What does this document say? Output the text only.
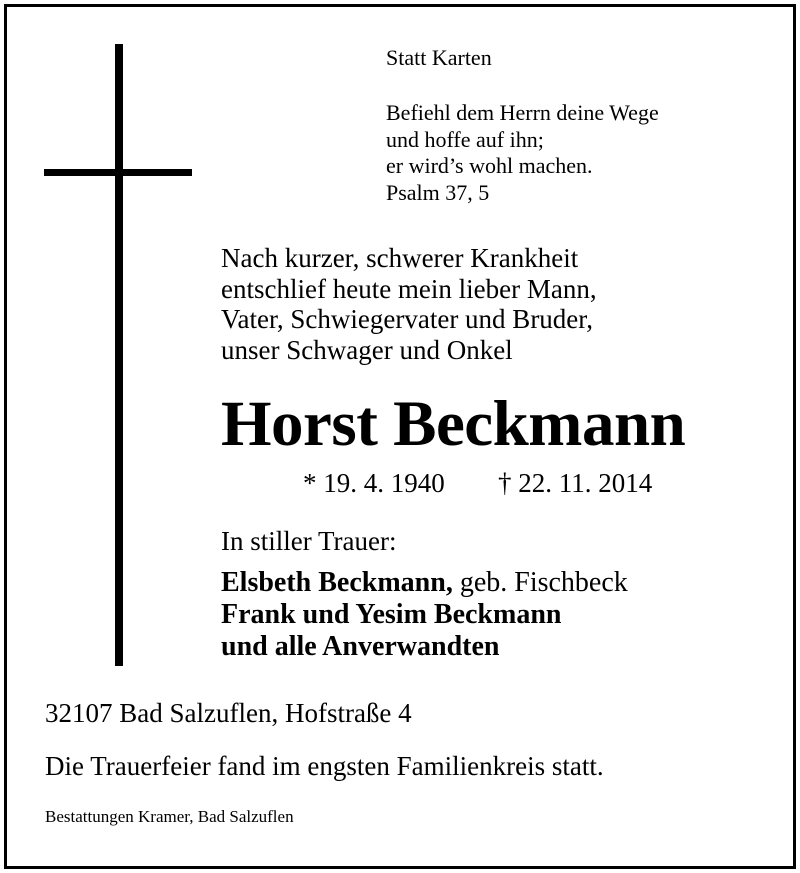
Statt Karten
Befiehl dem Herrn deine Wege
und hoffe auf ihn;
er wird’s wohl machen.
Psalm 37, 5
Nach kurzer, schwerer Krankheit
entschlief heute mein lieber Mann,
Vater, Schwiegervater und Bruder,
unser Schwager und Onkel
Horst Beckmann
* 19. 4. 1940 † 22. 11. 2014
In stiller Trauer:
Elsbeth Beckmann, geb. Fischbeck
Frank und Yesim Beckmann
und alle Anverwandten
32107 Bad Salzuflen, Hofstraße 4
Die Trauerfeier fand im engsten Familienkreis statt.
Bestattungen Kramer, Bad Salzuflen
